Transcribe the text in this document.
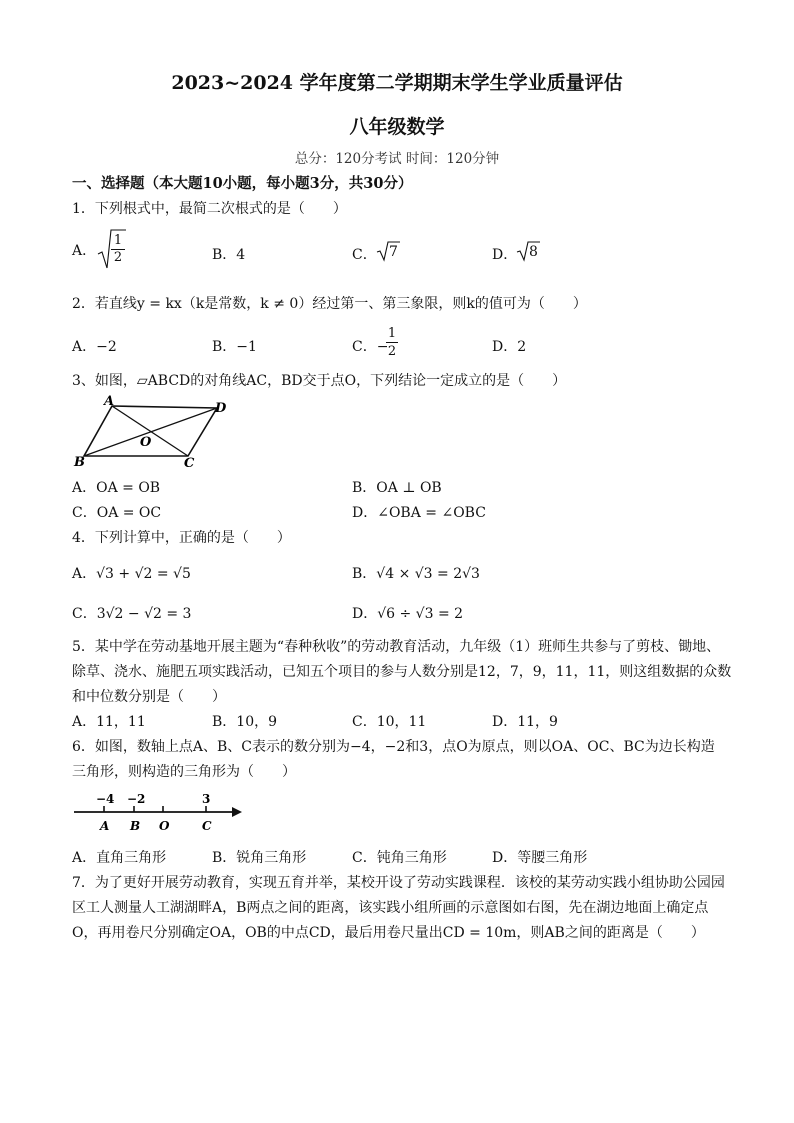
2023~2024 学年度第二学期期末学生学业质量评估
八年级数学
总分：120分考试 时间：120分钟
一、选择题（本大题10小题，每小题3分，共30分）
1．下列根式中，最简二次根式的是（　　）
A． $\frac{1}{2}$	B．4	C． 7	D． 8
2．若直线y = kx（k是常数，k ≠ 0）经过第一、第三象限，则k的值可为（　　）
A．−2	B．−1	C．−
$\frac{1}{2}$	D．2
3、如图，▱ABCD的对角线AC，BD交于点O，下列结论一定成立的是（　　）
A	D
B	C
O
A．OA = OB	B．OA ⊥ OB
C．OA = OC	D．∠OBA = ∠OBC
4．下列计算中，正确的是（　　）
A．√3 + √2 = √5	B．√4 × √3 = 2√3
C．3√2 − √2 = 3	D．√6 ÷ √3 = 2
5．某中学在劳动基地开展主题为“春种秋收”的劳动教育活动，九年级（1）班师生共参与了剪枝、锄地、
除草、浇水、施肥五项实践活动，已知五个项目的参与人数分别是12，7，9，11，11，则这组数据的众数
和中位数分别是（　　）
A．11，11	B．10，9	C．10，11	D．11，9
6．如图，数轴上点A、B、C表示的数分别为−4，−2和3，点O为原点，则以OA、OC、BC为边长构造
三角形，则构造的三角形为（　　）
−4 −2	3
A B O	C
A．直角三角形	B．锐角三角形	C．钝角三角形	D．等腰三角形
7．为了更好开展劳动教育，实现五育并举，某校开设了劳动实践课程．该校的某劳动实践小组协助公园园
区工人测量人工湖湖畔A，B两点之间的距离，该实践小组所画的示意图如右图，先在湖边地面上确定点
O，再用卷尺分别确定OA，OB的中点CD，最后用卷尺量出CD = 10m，则AB之间的距离是（　　）
